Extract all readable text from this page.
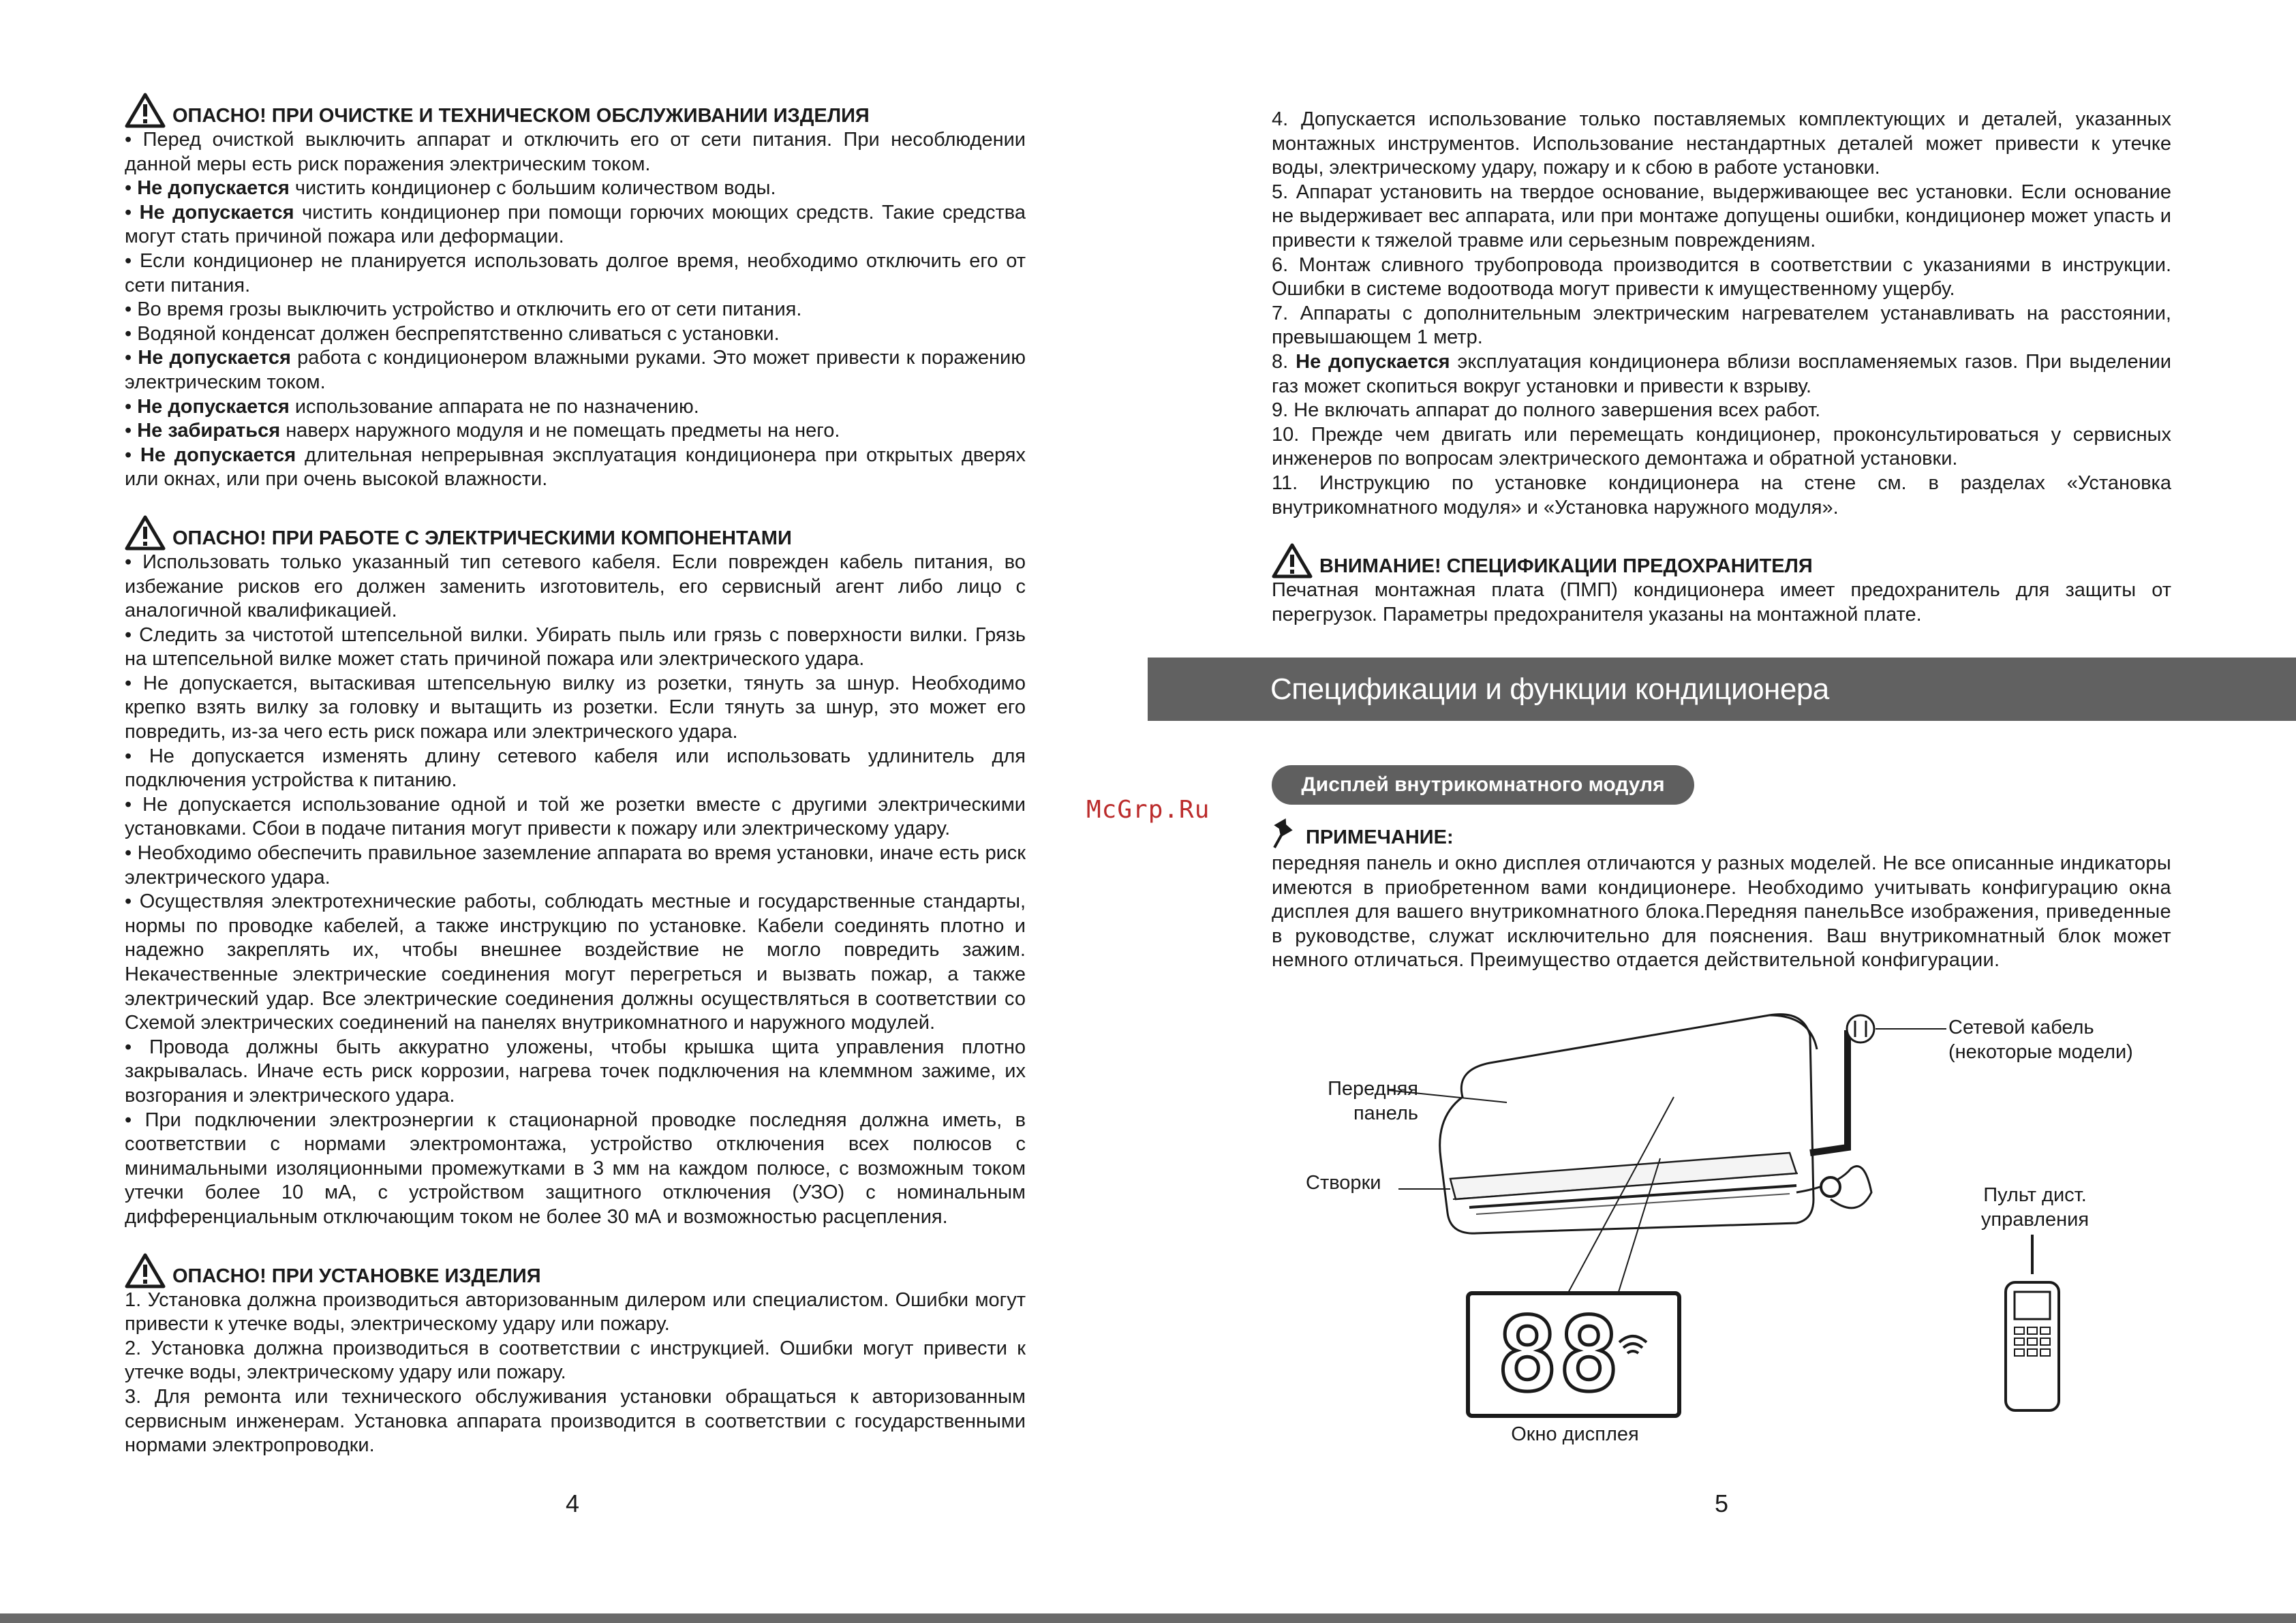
ОПАСНО! ПРИ ОЧИСТКЕ И ТЕХНИЧЕСКОМ ОБСЛУЖИВАНИИ ИЗДЕЛИЯ

• Перед очисткой выключить аппарат и отключить его от сети питания. При несоблюдении данной меры есть риск поражения электрическим током.

• Не допускается чистить кондиционер с большим количеством воды.

• Не допускается чистить кондиционер при помощи горючих моющих средств. Такие средства могут стать причиной пожара или деформации.

• Если кондиционер не планируется использовать долгое время, необходимо отключить его от сети питания.

• Во время грозы выключить устройство и отключить его от сети питания.

• Водяной конденсат должен беспрепятственно сливаться с установки.

• Не допускается работа с кондиционером влажными руками. Это может привести к поражению электрическим током.

• Не допускается использование аппарата не по назначению.

• Не забираться наверх наружного модуля и не помещать предметы на него.

• Не допускается длительная непрерывная эксплуатация кондиционера при открытых дверях или окнах, или при очень высокой влажности.

ОПАСНО! ПРИ РАБОТЕ С ЭЛЕКТРИЧЕСКИМИ КОМПОНЕНТАМИ

• Использовать только указанный тип сетевого кабеля. Если поврежден кабель питания, во избежание рисков его должен заменить изготовитель, его сервисный агент либо лицо с аналогичной квалификацией.

• Следить за чистотой штепсельной вилки. Убирать пыль или грязь с поверхности вилки. Грязь на штепсельной вилке может стать причиной пожара или электрического удара.

• Не допускается, вытаскивая штепсельную вилку из розетки, тянуть за шнур. Необходимо крепко взять вилку за головку и вытащить из розетки. Если тянуть за шнур, это может его повредить, из-за чего есть риск пожара или электрического удара.

• Не допускается изменять длину сетевого кабеля или использовать удлинитель для подключения устройства к питанию.

• Не допускается использование одной и той же розетки вместе с другими электрическими установками. Сбои в подаче питания могут привести к пожару или электрическому удару.

• Необходимо обеспечить правильное заземление аппарата во время установки, иначе есть риск электрического удара.

• Осуществляя электротехнические работы, соблюдать местные и государственные стандарты, нормы по проводке кабелей, а также инструкцию по установке. Кабели соединять плотно и надежно закреплять их, чтобы внешнее воздействие не могло повредить зажим. Некачественные электрические соединения могут перегреться и вызвать пожар, а также электрический удар. Все электрические соединения должны осуществляться в соответствии со Схемой электрических соединений на панелях внутрикомнатного и наружного модулей.

• Провода должны быть аккуратно уложены, чтобы крышка щита управления плотно закрывалась. Иначе есть риск коррозии, нагрева точек подключения на клеммном зажиме, их возгорания и электрического удара.

• При подключении электроэнергии к стационарной проводке последняя должна иметь, в соответствии с нормами электромонтажа, устройство отключения всех полюсов с минимальными изоляционными промежутками в 3 мм на каждом полюсе, с возможным током утечки более 10 мА, с устройством защитного отключения (УЗО) с номинальным дифференциальным отключающим током не более 30 мА и возможностью расцепления.

ОПАСНО! ПРИ УСТАНОВКЕ ИЗДЕЛИЯ

1. Установка должна производиться авторизованным дилером или специалистом. Ошибки могут привести к утечке воды, электрическому удару или пожару.

2. Установка должна производиться в соответствии с инструкцией. Ошибки могут привести к утечке воды, электрическому удару или пожару.

3. Для ремонта или технического обслуживания установки обращаться к авторизованным сервисным инженерам. Установка аппарата производится в соответствии с государственными нормами электропроводки.

4

4. Допускается использование только поставляемых комплектующих и деталей, указанных монтажных инструментов. Использование нестандартных деталей может привести к утечке воды, электрическому удару, пожару и к сбою в работе установки.

5. Аппарат установить на твердое основание, выдерживающее вес установки. Если основание не выдерживает вес аппарата, или при монтаже допущены ошибки, кондиционер может упасть и привести к тяжелой травме или серьезным повреждениям.

6. Монтаж сливного трубопровода производится в соответствии с указаниями в инструкции. Ошибки в системе водоотвода могут привести к имущественному ущербу.

7. Аппараты с дополнительным электрическим нагревателем устанавливать на расстоянии, превышающем 1 метр.

8. Не допускается эксплуатация кондиционера вблизи воспламеняемых газов. При выделении газ может скопиться вокруг установки и привести к взрыву.

9. Не включать аппарат до полного завершения всех работ.

10. Прежде чем двигать или перемещать кондиционер, проконсультироваться у сервисных инженеров по вопросам электрического демонтажа и обратной установки.

11. Инструкцию по установке кондиционера на стене см. в разделах «Установка внутрикомнатного модуля» и «Установка наружного модуля».

ВНИМАНИЕ! СПЕЦИФИКАЦИИ ПРЕДОХРАНИТЕЛЯ

Печатная монтажная плата (ПМП) кондиционера имеет предохранитель для защиты от перегрузок. Параметры предохранителя указаны на монтажной плате.

Спецификации и функции кондиционера
Дисплей внутрикомнатного модуля
McGrp.Ru
ПРИМЕЧАНИЕ:

передняя панель и окно дисплея отличаются у разных моделей. Не все описанные индикаторы имеются в приобретенном вами кондиционере. Необходимо учитывать конфигурацию окна дисплея для вашего внутрикомнатного блока.Передняя панельВсе изображения, приведенные в руководстве, служат исключительно для пояснения. Ваш внутрикомнатный блок может немного отличаться. Преимущество отдается действительной конфигурации.

88
Передняя
панель
Створки
Сетевой кабель
(некоторые модели)
Пульт дист.
управления
Окно дисплея
5
